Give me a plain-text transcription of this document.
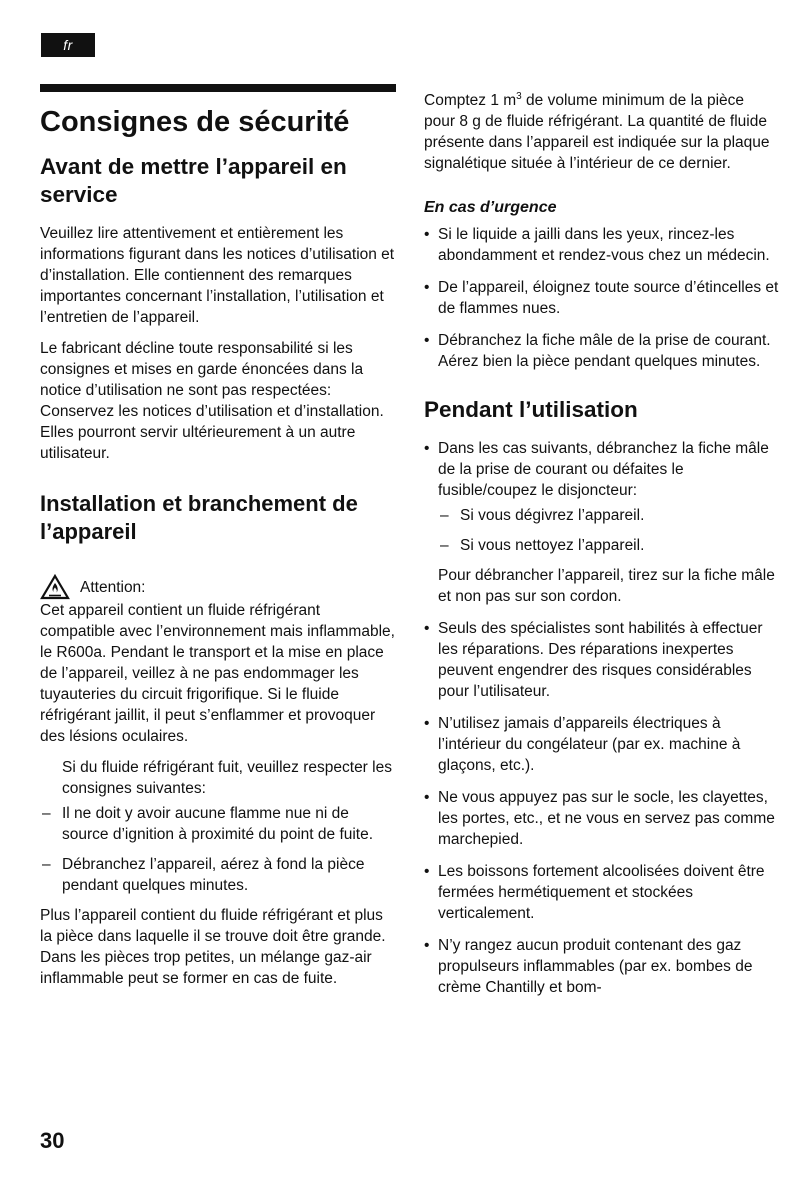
fr
Consignes de sécurité
Avant de mettre l’appareil en service

Veuillez lire attentivement et entièrement les informations figurant dans les notices d’utilisation et d’installation. Elle contiennent des remarques importantes concernant l’installation, l’utilisation et l’entretien de l’appareil.

Le fabricant décline toute responsabilité si les consignes et mises en garde énoncées dans la notice d’utilisation ne sont pas respectées:

Conservez les notices d’utilisation et d’installation. Elles pourront servir ultérieurement à un autre utilisateur.

Installation et branchement de l’appareil
Attention:

Cet appareil contient un fluide réfrigérant compatible avec l’environnement mais inflammable, le R600a. Pendant le transport et la mise en place de l’appareil, veillez à ne pas endommager les tuyauteries du circuit frigorifique. Si le fluide réfrigérant jaillit, il peut s’enflammer et provoquer des lésions oculaires.

Si du fluide réfrigérant fuit, veuillez respecter les consignes suivantes:

– Il ne doit y avoir aucune flamme nue ni de source d’ignition à proximité du point de fuite.
– Débranchez l’appareil, aérez à fond la pièce pendant quelques minutes.

Plus l’appareil contient du fluide réfrigérant et plus la pièce dans laquelle il se trouve doit être grande. Dans les pièces trop petites, un mélange gaz-air inflammable peut se former en cas de fuite.

Comptez 1 $m^3$ de volume minimum de la pièce pour 8 g de fluide réfrigérant. La quantité de fluide présente dans l’appareil est indiquée sur la plaque signalétique située à l’intérieur de ce dernier.

En cas d’urgence
• Si le liquide a jailli dans les yeux, rincez-les abondamment et rendez-vous chez un médecin.
• De l’appareil, éloignez toute source d’étincelles et de flammes nues.
• Débranchez la fiche mâle de la prise de courant. Aérez bien la pièce pendant quelques minutes.
Pendant l’utilisation
• Dans les cas suivants, débranchez la fiche mâle de la prise de courant ou défaites le fusible/coupez le disjoncteur:
– Si vous dégivrez l’appareil.
– Si vous nettoyez l’appareil.
Pour débrancher l’appareil, tirez sur la fiche mâle et non pas sur son cordon.
• Seuls des spécialistes sont habilités à effectuer les réparations. Des réparations inexpertes peuvent engendrer des risques considérables pour l’utilisateur.
• N’utilisez jamais d’appareils électriques à l’intérieur du congélateur (par ex. machine à glaçons, etc.).
• Ne vous appuyez pas sur le socle, les clayettes, les portes, etc., et ne vous en servez pas comme marchepied.
• Les boissons fortement alcoolisées doivent être fermées hermétiquement et stockées verticalement.
• N’y rangez aucun produit contenant des gaz propulseurs inflammables (par ex. bombes de crème Chantilly et bom-
30
